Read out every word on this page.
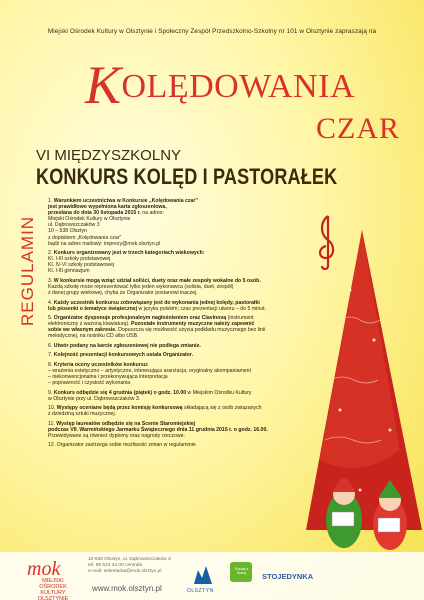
Miejski Ośrodek Kultury w Olsztynie i Społeczny Zespół Przedszkolno-Szkolny nr 101 w Olsztynie zapraszają na
KOLĘDOWANIA
CZAR
VI MIĘDZYSZKOLNY
KONKURS KOLĘD I PASTORAŁEK
REGULAMIN
1. Warunkiem uczestnictwa w Konkursie „Kolędowania czar”
jest prawidłowo wypełniona karta zgłoszeniowa,
przesłana do dnia 30 listopada 2015 r. na adres:
Miejski Ośrodek Kultury w Olsztynie
ul. Dąbrowszczaków 3
10 – 538 Olsztyn
z dopiskiem „Kolędowania czar”
bądź na adres mailowy: imprezy@mok.olsztyn.pl
2. Konkurs organizowany jest w trzech kategoriach wiekowych:
Kl. I-III szkoły podstawowej
Kl. IV-VI szkoły podstawowej
Kl. I-III gimnazjum
3. W konkursie mogą wziąć udział soliści, duety oraz małe zespoły wokalne do 5 osób.
Każdą szkołę może reprezentować tylko jeden wykonawca (solista, duet, zespół)
z danej grupy wiekowej, chyba że Organizator postanowi inaczej.
4. Każdy uczestnik konkursu zobowiązany jest do wykonania jednej kolędy, pastorałki
lub piosenki o tematyce świątecznej w języku polskim; czas prezentacji utworu – do 5 minut.
5. Organizator dysponuje profesjonalnym nagłośnieniem oraz Clavinovą (instrument
elektroniczny z ważoną klawiaturą). Pozostałe instrumenty muzyczne należy zapewnić
sobie we własnym zakresie. Dopuszcza się możliwość użycia podkładu muzycznego bez linii
melodycznej, na nośniku CD albo USB.
6. Utwór podany na karcie zgłoszeniowej nie podlega zmianie.
7. Kolejność prezentacji konkursowych ustala Organizator.
8. Kryteria oceny uczestników konkursu:
– wrażenia estetyczno – artystyczne, interesująca aranżacja, oryginalny akompaniament
– niekonwencjonalna i przekonywująca interpretacja
– poprawność i czystość wykonania
9. Konkurs odbędzie się 4 grudnia (piątek) o godz. 10.00 w Miejskim Ośrodku Kultury
w Olsztynie przy ul. Dąbrowszczaków 3.
10. Występy oceniane będą przez komisję konkursową składającą się z osób związanych
z dziedziną sztuki muzycznej.
11. Występ laureatów odbędzie się na Scenie Staromiejskiej
podczas VII. Warmińskiego Jarmarku Świątecznego dnia 11 grudnia 2015 r. o godz. 16.00.
Przewidywane są również dyplomy oraz nagrody rzeczowe.
12. Organizator zastrzega sobie możliwość zmian w regulaminie.
mok
MIEJSKI
OŚRODEK
KULTURY
OLSZTYNIE
10-538 Olsztyn, ul. Dąbrowszczaków 3
tel. 89 523 34 00 centrala
e-mail: sekretariat@mok.olsztyn.pl
www.mok.olsztyn.pl	OLSZTYN
Szkoła z Klasą	STOJEDYNKA
